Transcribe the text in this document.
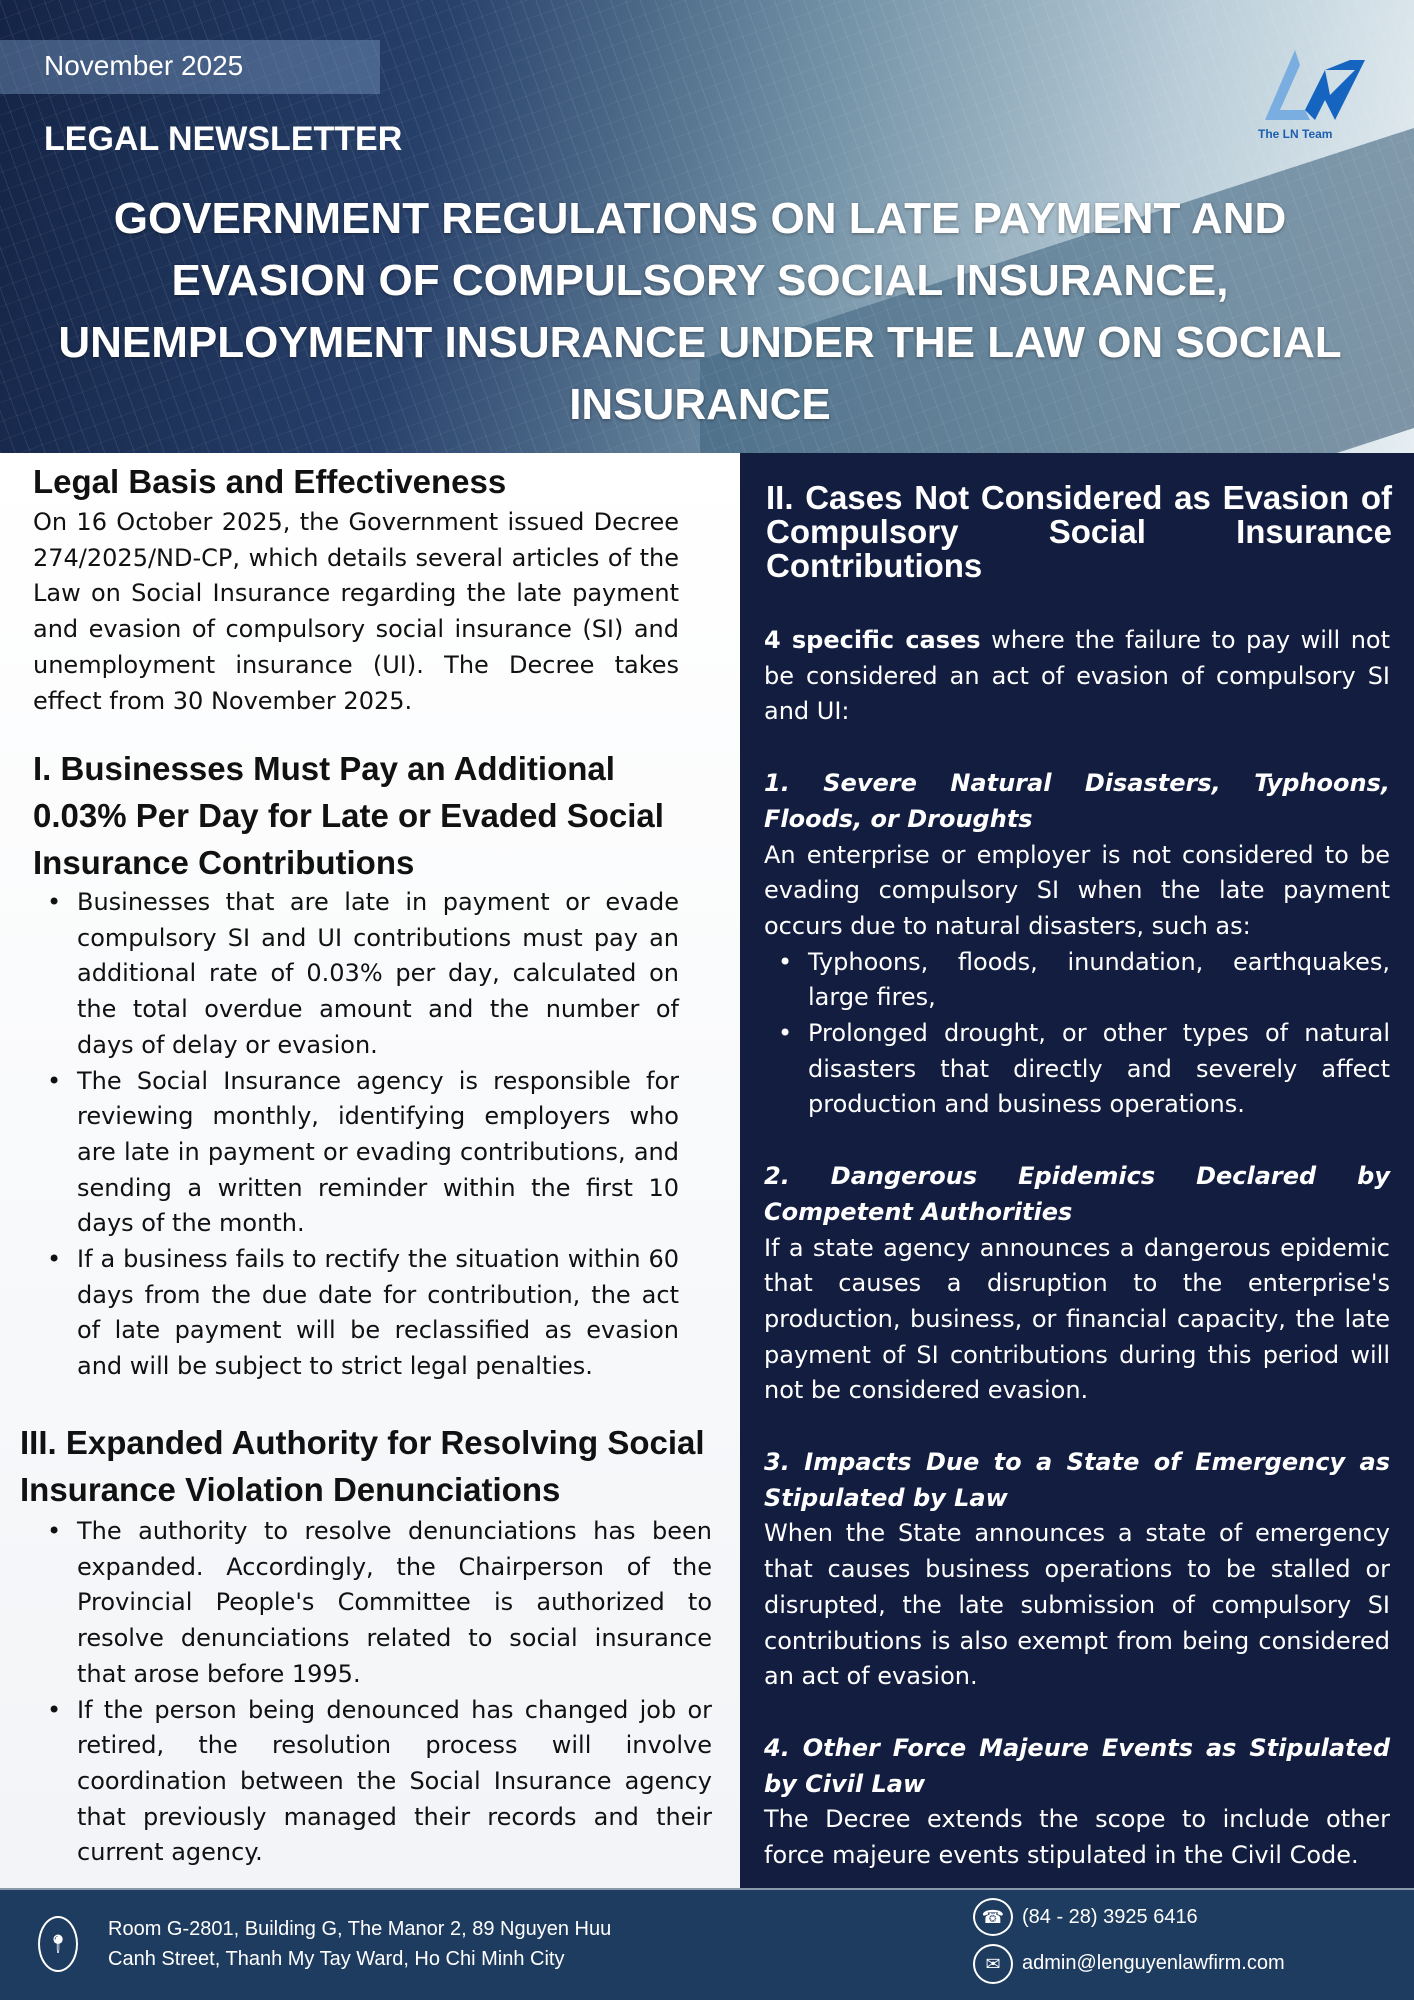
November 2025
LEGAL NEWSLETTER	The LN Team
GOVERNMENT REGULATIONS ON LATE PAYMENT AND EVASION OF COMPULSORY SOCIAL INSURANCE, UNEMPLOYMENT INSURANCE UNDER THE LAW ON SOCIAL INSURANCE
Legal Basis and Effectiveness

On 16 October 2025, the Government issued Decree 274/2025/ND-CP, which details several articles of the Law on Social Insurance regarding the late payment and evasion of compulsory social insurance (SI) and unemployment insurance (UI). The Decree takes effect from 30 November 2025.

I. Businesses Must Pay an Additional 0.03% Per Day for Late or Evaded Social Insurance Contributions
• Businesses that are late in payment or evade compulsory SI and UI contributions must pay an additional rate of 0.03% per day, calculated on the total overdue amount and the number of days of delay or evasion.
• The Social Insurance agency is responsible for reviewing monthly, identifying employers who are late in payment or evading contributions, and sending a written reminder within the first 10 days of the month.
• If a business fails to rectify the situation within 60 days from the due date for contribution, the act of late payment will be reclassified as evasion and will be subject to strict legal penalties.
III. Expanded Authority for Resolving Social Insurance Violation Denunciations
• The authority to resolve denunciations has been expanded. Accordingly, the Chairperson of the Provincial People's Committee is authorized to resolve denunciations related to social insurance that arose before 1995.
• If the person being denounced has changed job or retired, the resolution process will involve coordination between the Social Insurance agency that previously managed their records and their current agency.
II. Cases Not Considered as Evasion of Compulsory Social Insurance Contributions

4 specific cases where the failure to pay will not be considered an act of evasion of compulsory SI and UI:

1. Severe Natural Disasters, Typhoons, Floods, or Droughts

An enterprise or employer is not considered to be evading compulsory SI when the late payment occurs due to natural disasters, such as:

• Typhoons, floods, inundation, earthquakes, large fires,
• Prolonged drought, or other types of natural disasters that directly and severely affect production and business operations.

2. Dangerous Epidemics Declared by Competent Authorities

If a state agency announces a dangerous epidemic that causes a disruption to the enterprise's production, business, or financial capacity, the late payment of SI contributions during this period will not be considered evasion.

3. Impacts Due to a State of Emergency as Stipulated by Law

When the State announces a state of emergency that causes business operations to be stalled or disrupted, the late submission of compulsory SI contributions is also exempt from being considered an act of evasion.

4. Other Force Majeure Events as Stipulated by Civil Law

The Decree extends the scope to include other force majeure events stipulated in the Civil Code.

📍︎
Room G-2801, Building G, The Manor 2, 89 Nguyen Huu
Canh Street, Thanh My Tay Ward, Ho Chi Minh City
☎︎ (84 - 28) 3925 6416
✉︎	admin@lenguyenlawfirm.com
